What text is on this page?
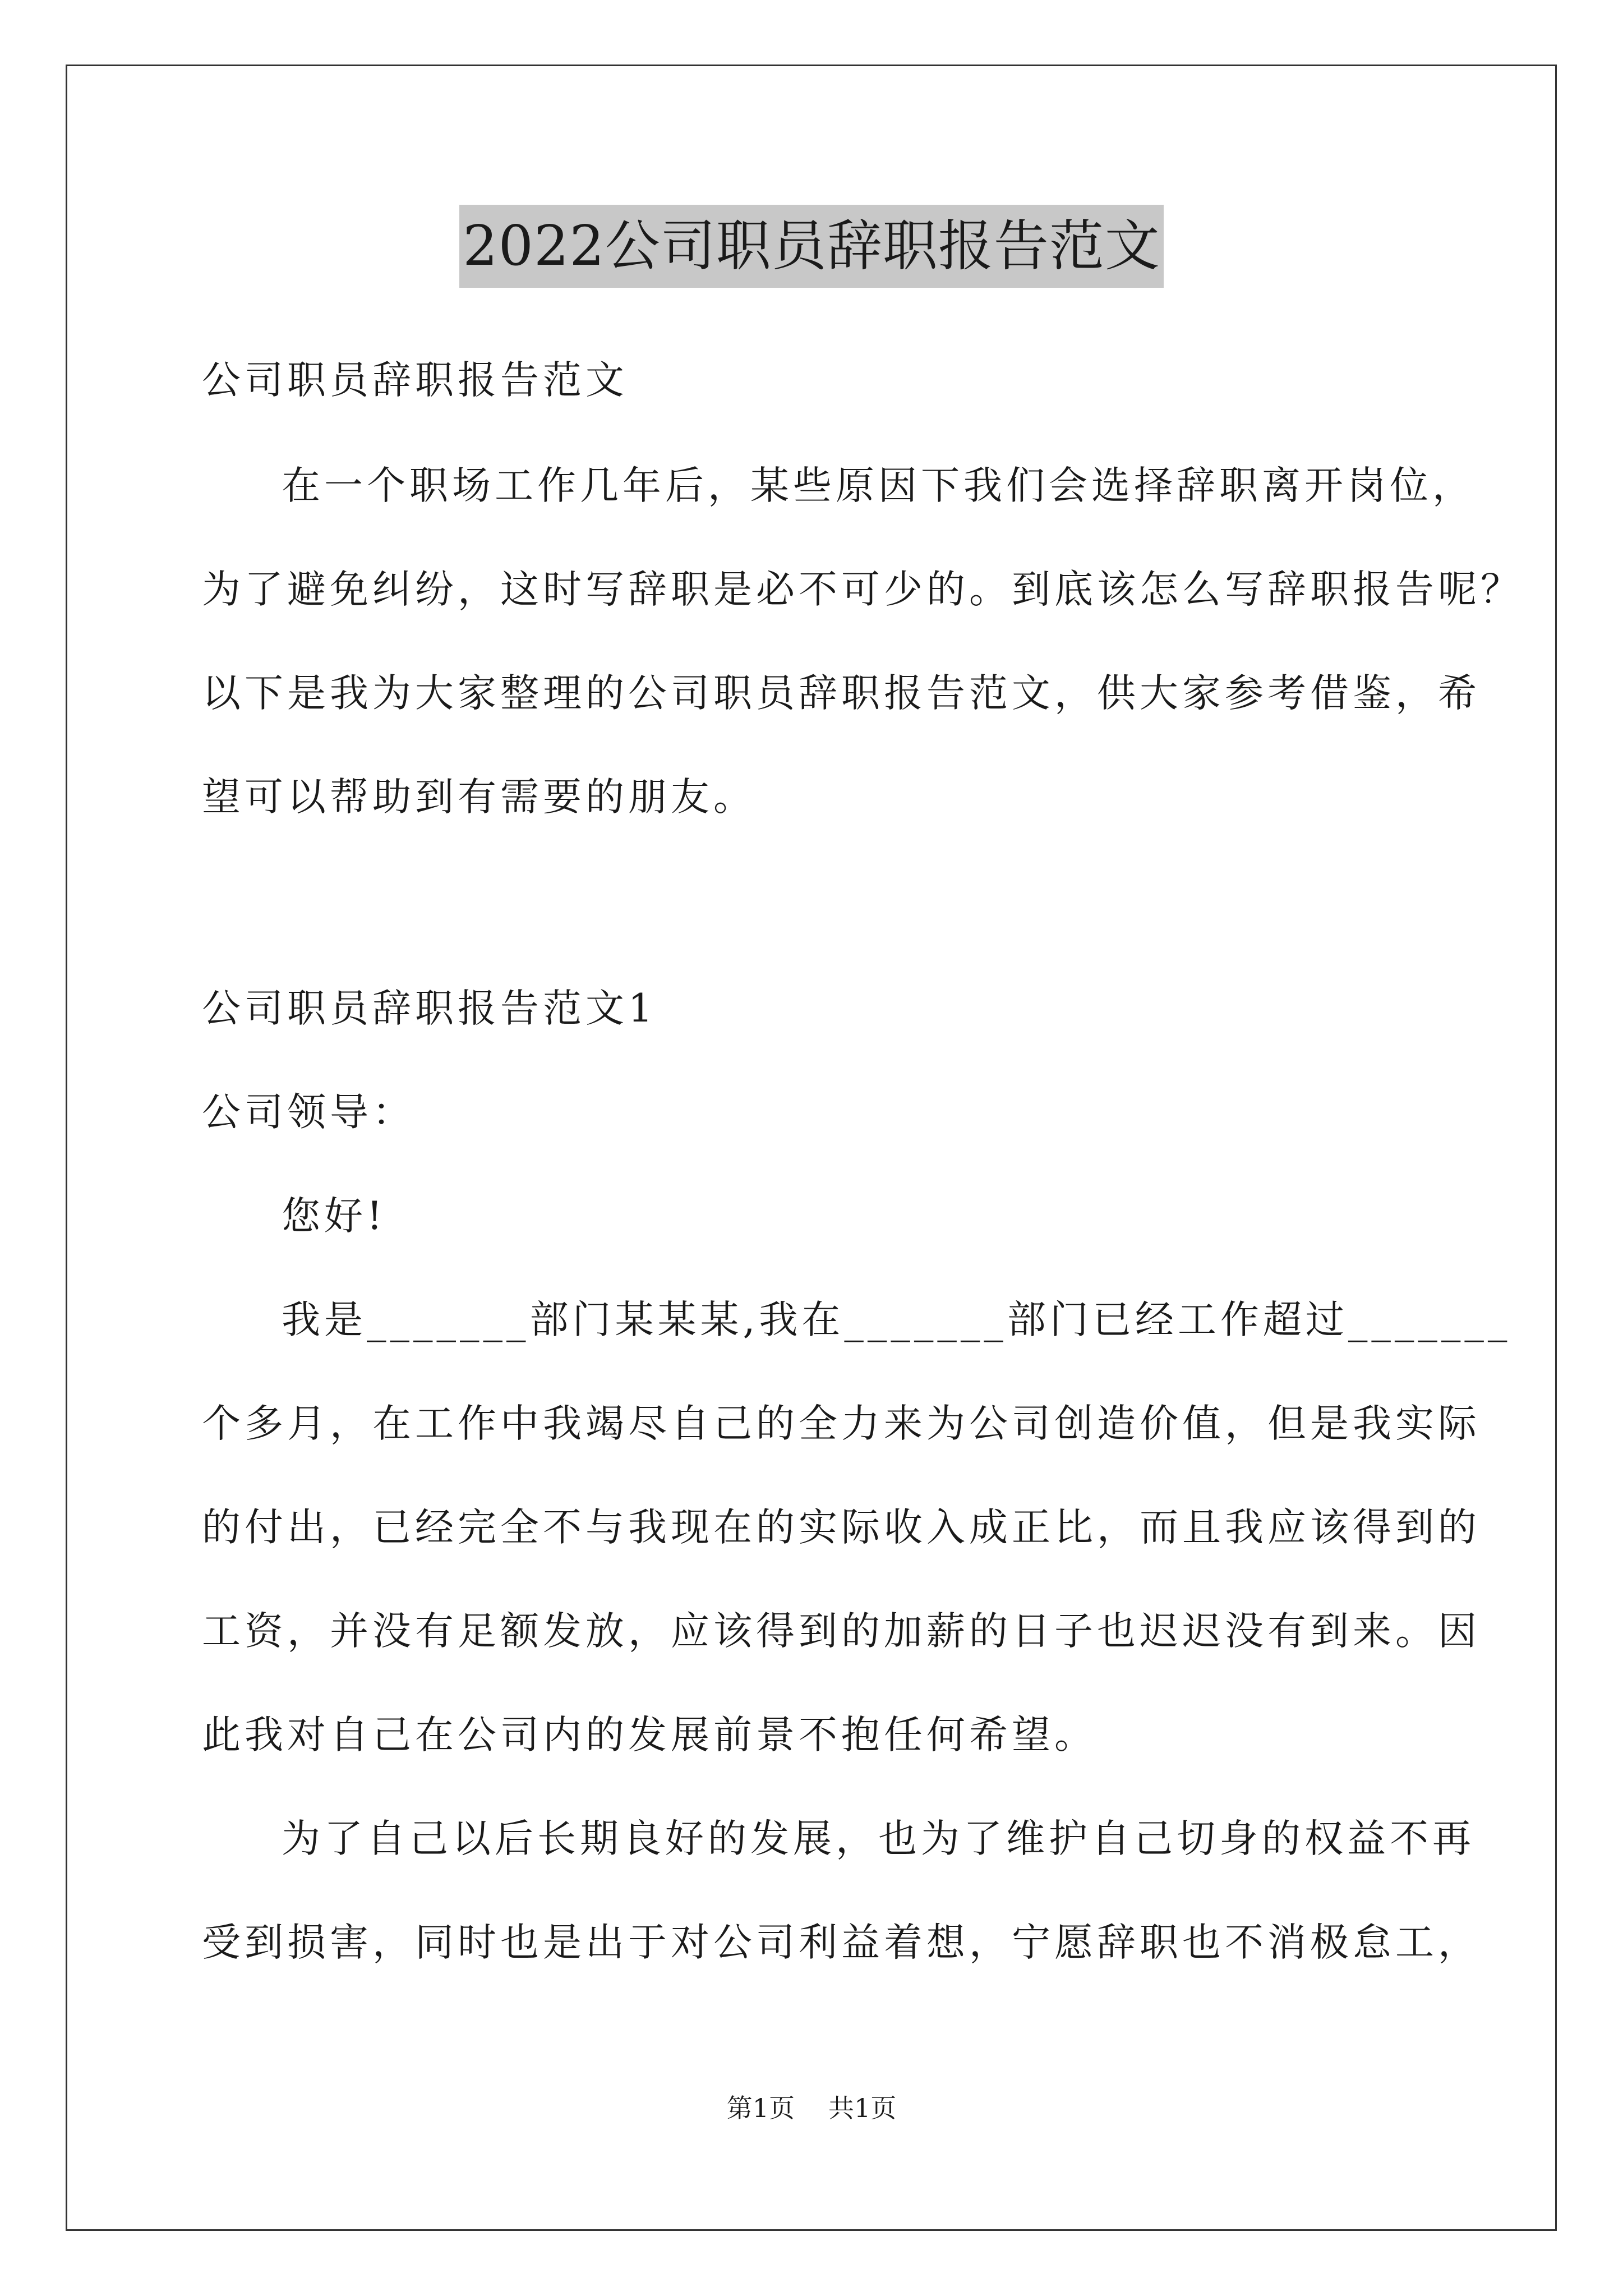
2022公司职员辞职报告范文
公司职员辞职报告范文
在一个职场工作几年后，某些原因下我们会选择辞职离开岗位，
为了避免纠纷，这时写辞职是必不可少的。到底该怎么写辞职报告呢？
以下是我为大家整理的公司职员辞职报告范文，供大家参考借鉴，希
望可以帮助到有需要的朋友。
公司职员辞职报告范文1
公司领导：
您好!
我是_______部门某某某,我在_______部门已经工作超过_______
个多月，在工作中我竭尽自己的全力来为公司创造价值，但是我实际
的付出，已经完全不与我现在的实际收入成正比，而且我应该得到的
工资，并没有足额发放，应该得到的加薪的日子也迟迟没有到来。因
此我对自己在公司内的发展前景不抱任何希望。
为了自己以后长期良好的发展，也为了维护自己切身的权益不再
受到损害，同时也是出于对公司利益着想，宁愿辞职也不消极怠工，
第1页 共1页
